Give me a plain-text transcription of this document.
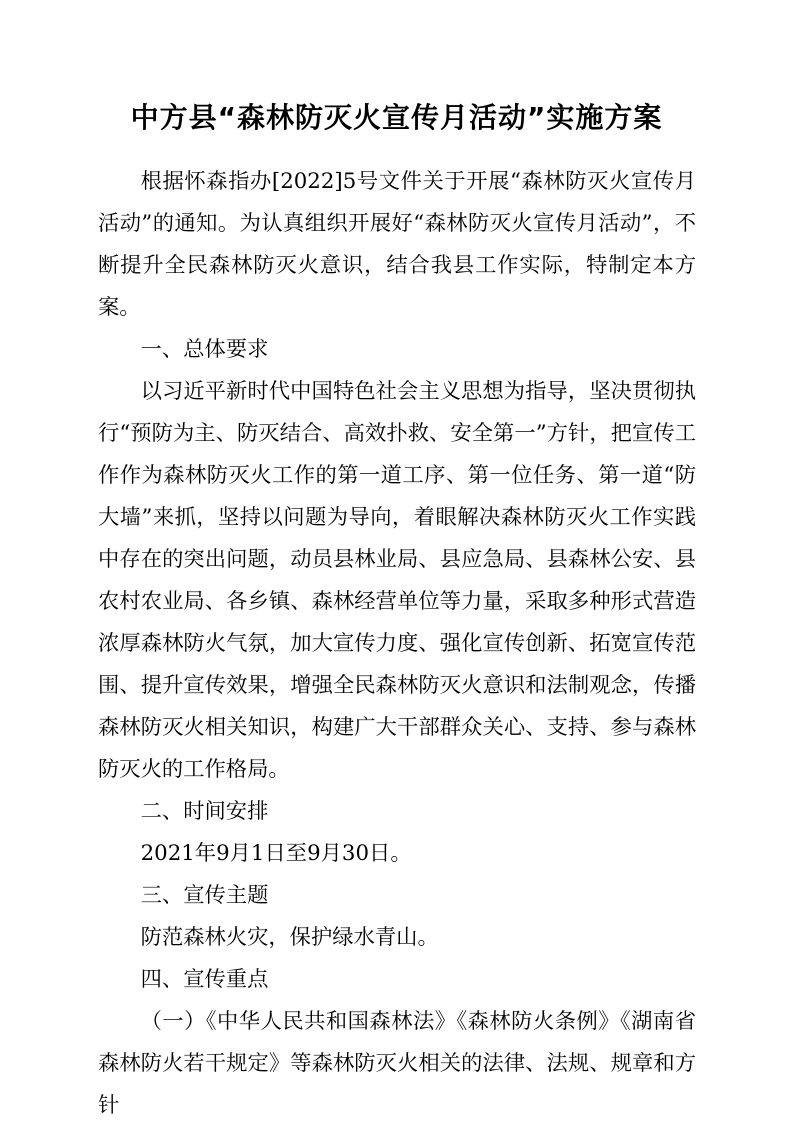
中方县“森林防灭火宣传月活动”实施方案

根据怀森指办[2022]5号文件关于开展“森林防灭火宣传月活动”的通知。为认真组织开展好“森林防灭火宣传月活动”，不断提升全民森林防灭火意识，结合我县工作实际，特制定本方案。

一、总体要求

以习近平新时代中国特色社会主义思想为指导，坚决贯彻执行“预防为主、防灭结合、高效扑救、安全第一”方针，把宣传工作作为森林防灭火工作的第一道工序、第一位任务、第一道“防大墙”来抓，坚持以问题为导向，着眼解决森林防灭火工作实践中存在的突出问题，动员县林业局、县应急局、县森林公安、县农村农业局、各乡镇、森林经营单位等力量，采取多种形式营造浓厚森林防火气氛，加大宣传力度、强化宣传创新、拓宽宣传范围、提升宣传效果，增强全民森林防灭火意识和法制观念，传播森林防灭火相关知识，构建广大干部群众关心、支持、参与森林防灭火的工作格局。

二、时间安排

2021年9月1日至9月30日。

三、宣传主题

防范森林火灾，保护绿水青山。

四、宣传重点

（一）《中华人民共和国森林法》《森林防火条例》《湖南省森林防火若干规定》等森林防灭火相关的法律、法规、规章和方针
